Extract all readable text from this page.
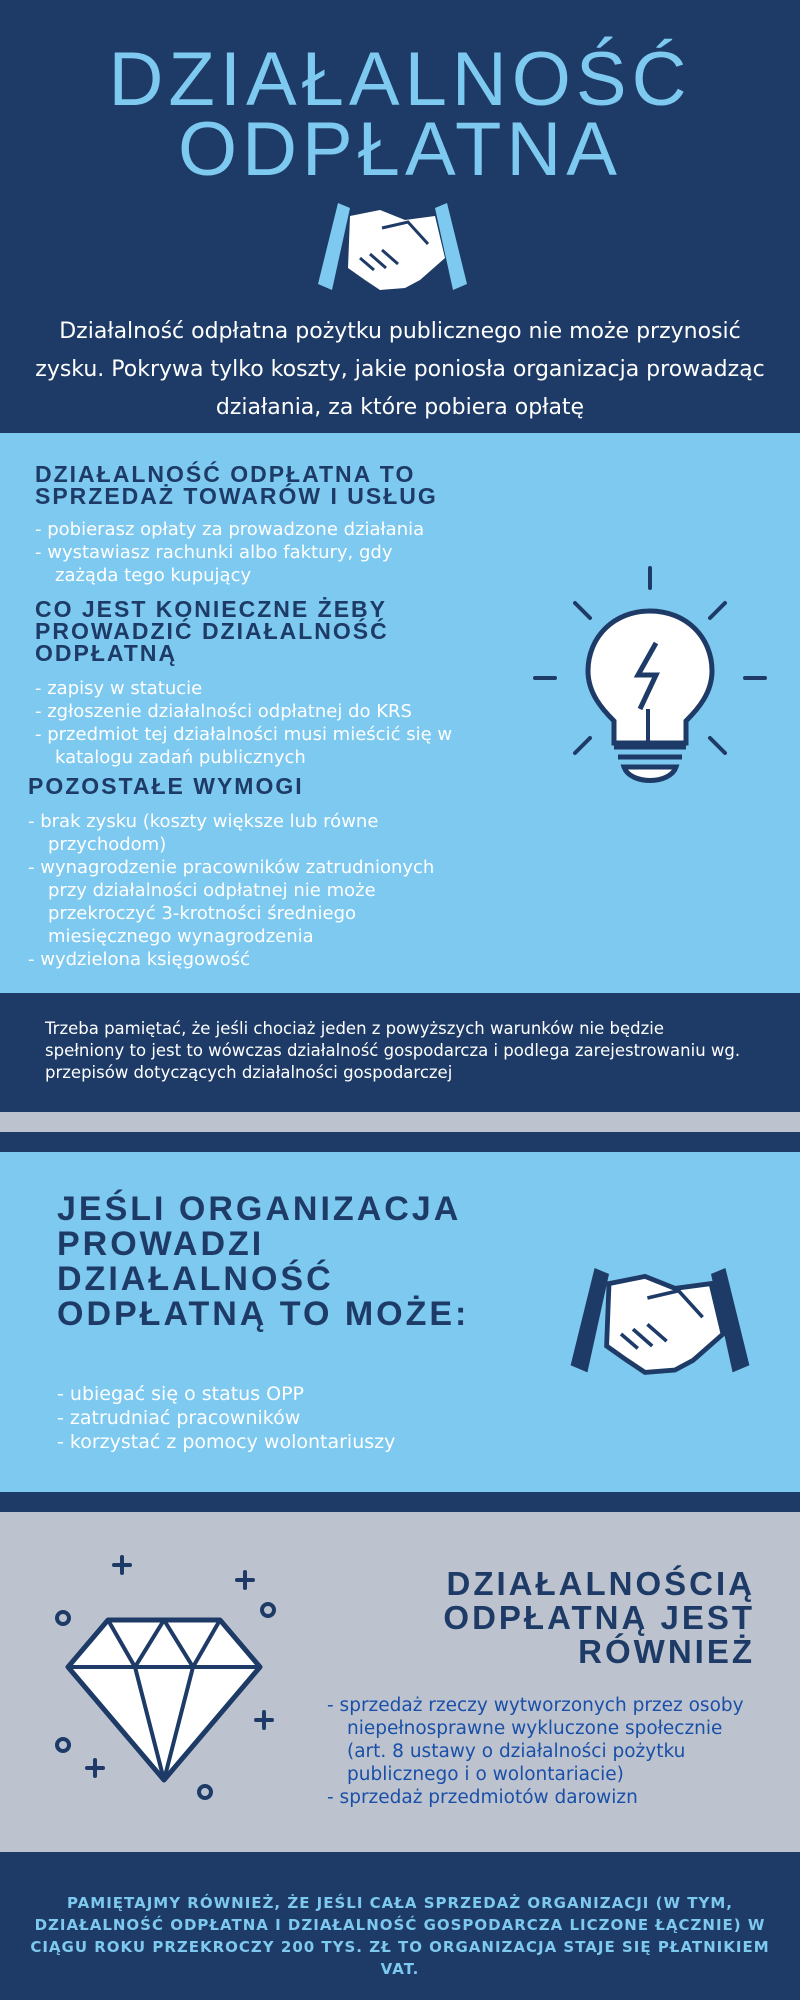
DZIAŁALNOŚĆ
ODPŁATNA
Działalność odpłatna pożytku publicznego nie może przynosić zysku. Pokrywa tylko koszty, jakie poniosła organizacja prowadząc działania, za które pobiera opłatę
DZIAŁALNOŚĆ ODPŁATNA TO SPRZEDAŻ TOWARÓW I USŁUG
- pobierasz opłaty za prowadzone działania
- wystawiasz rachunki albo faktury, gdy zażąda tego kupujący
CO JEST KONIECZNE ŻEBY PROWADZIĆ DZIAŁALNOŚĆ ODPŁATNĄ
- zapisy w statucie
- zgłoszenie działalności odpłatnej do KRS
- przedmiot tej działalności musi mieścić się w katalogu zadań publicznych
POZOSTAŁE WYMOGI
- brak zysku (koszty większe lub równe przychodom)
- wynagrodzenie pracowników zatrudnionych przy działalności odpłatnej nie może przekroczyć 3-krotności średniego miesięcznego wynagrodzenia
- wydzielona księgowość
Trzeba pamiętać, że jeśli chociaż jeden z powyższych warunków nie będzie spełniony to jest to wówczas działalność gospodarcza i podlega zarejestrowaniu wg. przepisów dotyczących działalności gospodarczej
JEŚLI ORGANIZACJA PROWADZI DZIAŁALNOŚĆ ODPŁATNĄ TO MOŻE:
- ubiegać się o status OPP
- zatrudniać pracowników
- korzystać z pomocy wolontariuszy
DZIAŁALNOŚCIĄ ODPŁATNĄ JEST RÓWNIEŻ
- sprzedaż rzeczy wytworzonych przez osoby niepełnosprawne wykluczone społecznie (art. 8 ustawy o działalności pożytku publicznego i o wolontariacie)
- sprzedaż przedmiotów darowizn
PAMIĘTAJMY RÓWNIEŻ, ŻE JEŚLI CAŁA SPRZEDAŻ ORGANIZACJI (W TYM, DZIAŁALNOŚĆ ODPŁATNA I DZIAŁALNOŚĆ GOSPODARCZA LICZONE ŁĄCZNIE) W CIĄGU ROKU PRZEKROCZY 200 TYS. ZŁ TO ORGANIZACJA STAJE SIĘ PŁATNIKIEM VAT.
